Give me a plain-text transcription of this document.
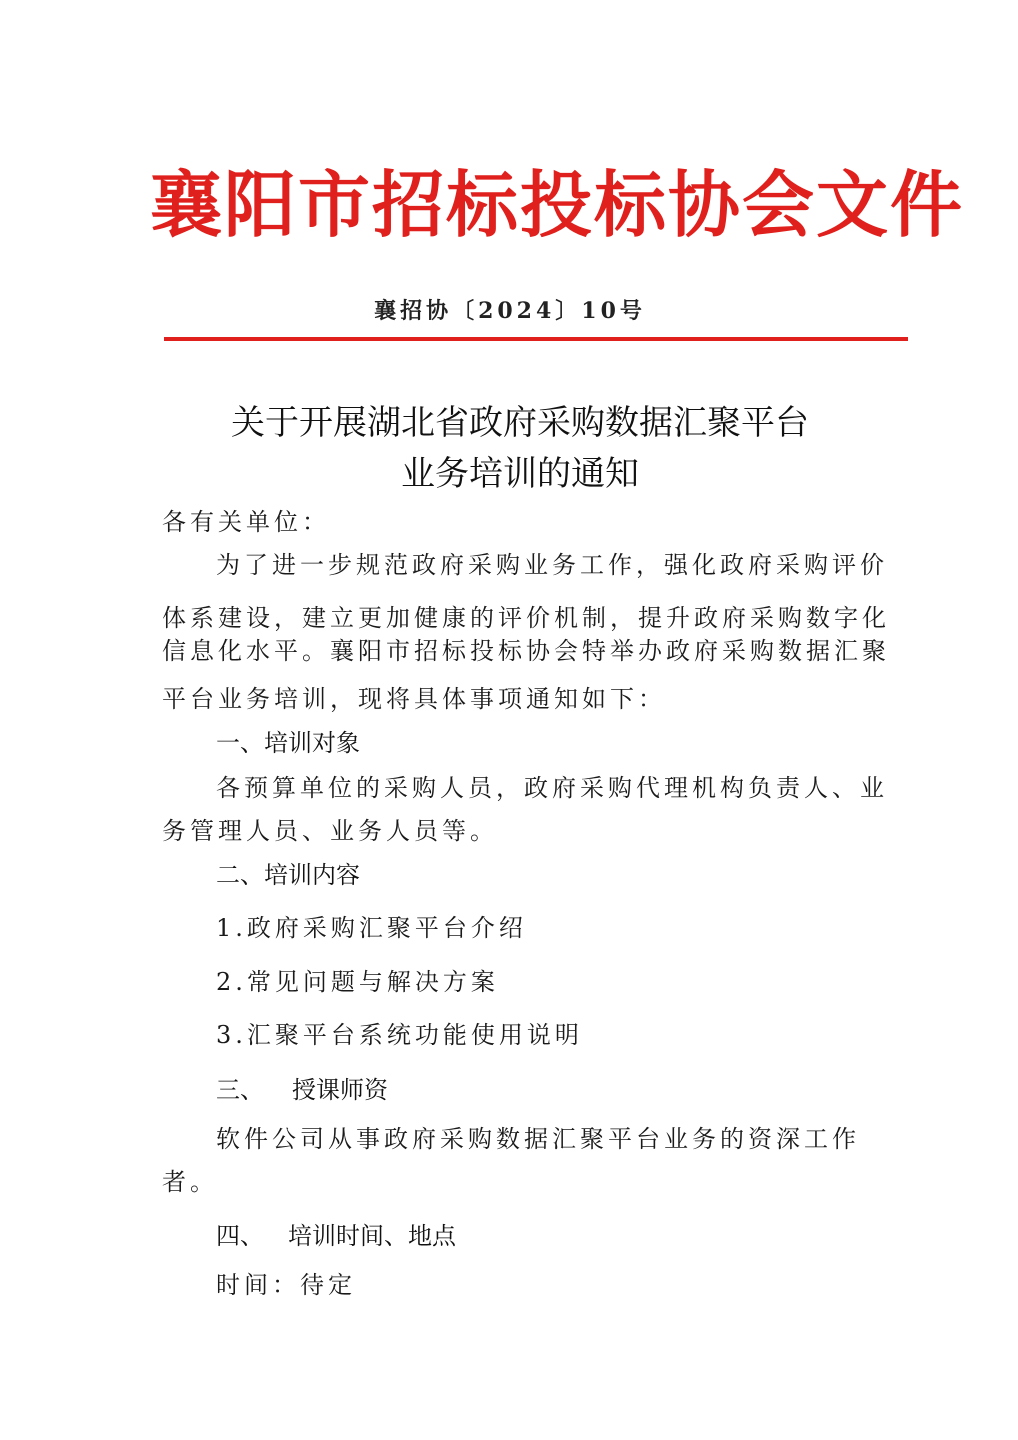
襄阳市招标投标协会文件
襄招协〔2024〕10号
关于开展湖北省政府采购数据汇聚平台
业务培训的通知
各有关单位：
为了进一步规范政府采购业务工作，强化政府采购评价
体系建设，建立更加健康的评价机制，提升政府采购数字化
信息化水平。襄阳市招标投标协会特举办政府采购数据汇聚
平台业务培训，现将具体事项通知如下：
一、培训对象
各预算单位的采购人员，政府采购代理机构负责人、业
务管理人员、业务人员等。
二、培训内容
1.政府采购汇聚平台介绍
2.常见问题与解决方案
3.汇聚平台系统功能使用说明
三、 授课师资
软件公司从事政府采购数据汇聚平台业务的资深工作
者。
四、 培训时间、地点
时间：待定
